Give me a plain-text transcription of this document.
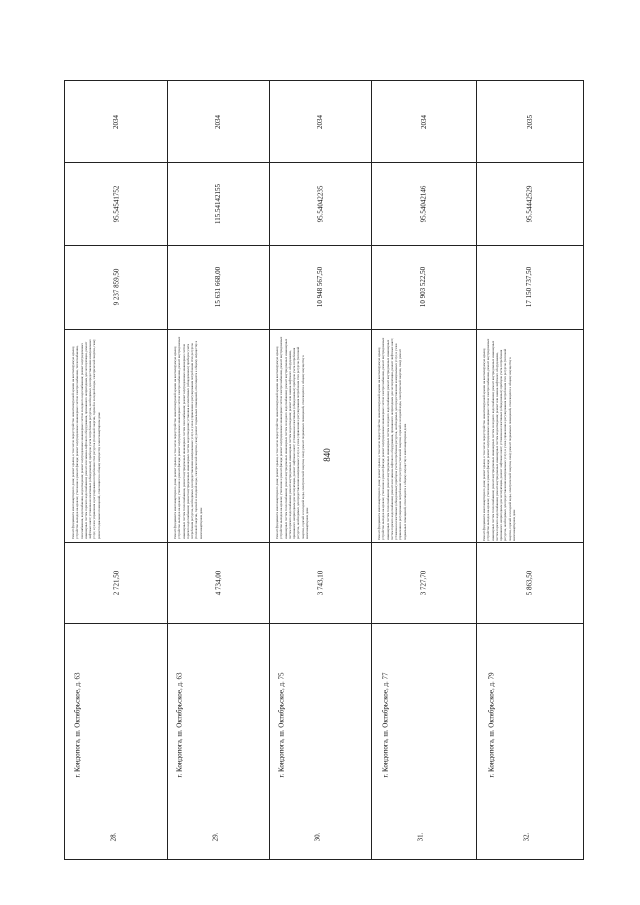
840
28.
г. Кондопога, ш. Октябрьское, д. 63
2 721,50
Ремонт фундамента многоквартирного дома; ремонт крыши, в том числе переустройство невентилируемой крыши на вентилируемую крышу, устройство выходов на кровлю; утепление и ремонт фасада; ремонт внутридомовых инженерных систем электроснабжения, теплоснабжения, газоснабжения, водоснабжения, водоотведения; ремонт внутридомовых инженерных систем холодного водоснабжения; ремонт внутридомовых инженерных систем горячего водоснабжения; ремонт или замена лифтового оборудования, признанного непригодным для эксплуатации, ремонт лифтовых шахт; установка коллективных (общедомовых) приборов учета потребления ресурсов, необходимых для предоставления коммунальных услуг, и узлов управления и регулирования потребления этих ресурсов (тепловой энергии, горячей и холодной воды, электрической энергии, газа); ремонт подвальных помещений, относящихся к общему имуществу в многоквартирном доме
9 237 859,50
95.54541752
2034
29.
г. Кондопога, ш. Октябрьское, д. 63
4 734,00
Ремонт фундамента многоквартирного дома; ремонт крыши, в том числе переустройство невентилируемой крыши на вентилируемую крышу, устройство выходов на кровлю; утепление и ремонт фасада; ремонт внутридомовых инженерных систем электроснабжения, ремонт внутридомовых инженерных систем теплоснабжения, ремонт внутридомовых инженерных систем газоснабжения; ремонт внутридомовых инженерных систем горячего водоснабжения; ремонт внутридомовых инженерных систем водоотведения; установка коллективных (общедомовых) приборов учета потребления ресурсов, необходимых для предоставления коммунальных услуг, и узлов управления и регулирования потребления этих ресурсов (тепловой энергии, горячей и холодной воды, электрической энергии, газа); ремонт подвальных помещений, относящихся к общему имуществу в многоквартирном доме
15 631 668,00
115.54142155
2034
30.
г. Кондопога, ш. Октябрьское, д. 75
3 743,10
Ремонт фундамента многоквартирного дома; ремонт крыши, в том числе переустройство невентилируемой крыши на вентилируемую крышу, устройство выходов на кровлю; утепление и ремонт фасада; ремонт внутридомовых инженерных систем электроснабжения, ремонт внутридомовых инженерных систем теплоснабжения; ремонт внутридомовых инженерных систем холодного водоснабжения; ремонт внутридомовых инженерных систем горячего водоснабжения; ремонт внутридомовых инженерных систем водоотведения; ремонт или замена лифтового оборудования, признанного непригодным для эксплуатации, ремонт лифтовых шахт; установка коллективных (общедомовых) приборов учета потребления ресурсов, необходимых для предоставления коммунальных услуг, и узлов управления и регулирования потребления этих ресурсов (тепловой энергии, горячей и холодной воды, электрической энергии, газа); ремонт подвальных помещений, относящихся к общему имуществу в многоквартирном доме
10 948 567,50
95.54042235
2034
31.
г. Кондопога, ш. Октябрьское, д. 77
3 727,70
Ремонт фундамента многоквартирного дома; ремонт крыши, в том числе переустройство невентилируемой крыши на вентилируемую крышу, устройство выходов на кровлю; утепление и ремонт фасада; ремонт внутридомовых инженерных систем электроснабжения, ремонт внутридомовых инженерных систем теплоснабжения; ремонт внутридомовых инженерных систем холодного водоснабжения; ремонт внутридомовых инженерных систем горячего водоснабжения; ремонт или замена лифтового оборудования, признанного непригодным для эксплуатации, ремонт лифтовых шахт; установка коллективных (общедомовых) приборов учета потребления ресурсов, необходимых для предоставления коммунальных услуг, и узлов управления и регулирования потребления этих ресурсов (тепловой энергии, горячей и холодной воды, электрической энергии, газа); ремонт подвальных помещений, относящихся к общему имуществу в многоквартирном доме
10 903 522,50
95.54042146
2034
32.
г. Кондопога, ш. Октябрьское, д. 79
5 863,50
Ремонт фундамента многоквартирного дома; ремонт крыши, в том числе переустройство невентилируемой крыши на вентилируемую крышу, устройство выходов на кровлю; утепление и ремонт фасада; ремонт внутридомовых инженерных систем электроснабжения, ремонт внутридомовых инженерных систем теплоснабжения; ремонт внутридомовых инженерных систем холодного водоснабжения; ремонт внутридомовых инженерных систем горячего водоснабжения; ремонт внутридомовых инженерных систем водоотведения; ремонт или замена лифтового оборудования, признанного непригодным для эксплуатации, ремонт лифтовых шахт; установка коллективных (общедомовых) приборов учета потребления ресурсов, необходимых для предоставления коммунальных услуг, и узлов управления и регулирования потребления этих ресурсов (тепловой энергии, горячей и холодной воды, электрической энергии, газа); ремонт подвальных помещений, относящихся к общему имуществу в многоквартирном доме
17 150 737,50
95.54442529
2035
